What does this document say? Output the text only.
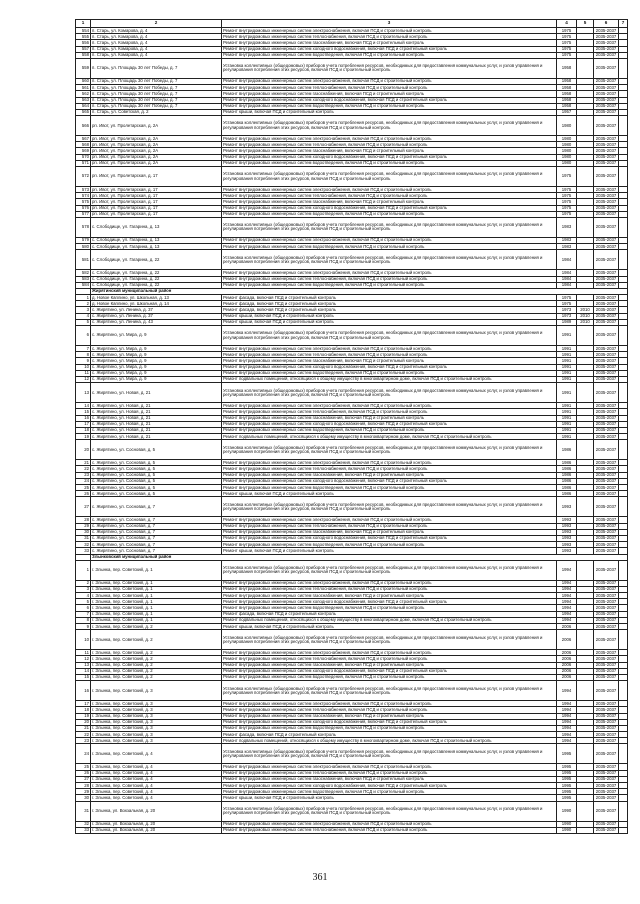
1	2	3	4	5	6	7
554	п. Старь, ул. Комарова, д. 4	Ремонт внутридомовых инженерных систем электроснабжения, включая ПСД и строительный контроль	1975		2035-2037	
555	п. Старь, ул. Комарова, д. 4	Ремонт внутридомовых инженерных систем теплоснабжения, включая ПСД и строительный контроль	1975		2035-2037	
556	п. Старь, ул. Комарова, д. 4	Ремонт внутридомовых инженерных систем газоснабжения, включая ПСД и строительный контроль	1975		2035-2037	
557	п. Старь, ул. Комарова, д. 4	Ремонт внутридомовых инженерных систем холодного водоснабжения, включая ПСД и строительный контроль	1975		2035-2037	
558	п. Старь, ул. Комарова, д. 4	Ремонт внутридомовых инженерных систем водоотведения, включая ПСД и строительный контроль	1975		2035-2037	
559	п. Старь, ул. Площадь 30 лет Победы, д. 7	Установка коллективных (общедомовых) приборов учета потребления ресурсов, необходимых для предоставления коммунальных услуг, и узлов управления и регулирования потребления этих ресурсов, включая ПСД и строительный контроль	1958		2035-2037	
560	п. Старь, ул. Площадь 30 лет Победы, д. 7	Ремонт внутридомовых инженерных систем электроснабжения, включая ПСД и строительный контроль	1958		2035-2037	
561	п. Старь, ул. Площадь 30 лет Победы, д. 7	Ремонт внутридомовых инженерных систем теплоснабжения, включая ПСД и строительный контроль	1958		2035-2037	
562	п. Старь, ул. Площадь 30 лет Победы, д. 7	Ремонт внутридомовых инженерных систем газоснабжения, включая ПСД и строительный контроль	1958		2035-2037	
563	п. Старь, ул. Площадь 30 лет Победы, д. 7	Ремонт внутридомовых инженерных систем холодного водоснабжения, включая ПСД и строительный контроль	1958		2035-2037	
564	п. Старь, ул. Площадь 30 лет Победы, д. 7	Ремонт внутридомовых инженерных систем водоотведения, включая ПСД и строительный контроль	1958		2035-2037	
565	п. Старь, ул. Советская, д. 2	Ремонт крыши, включая ПСД и строительный контроль	1957		2035-2037	
566	рп. Ивот, ул. Пролетарская, д. 2А	Установка коллективных (общедомовых) приборов учета потребления ресурсов, необходимых для предоставления коммунальных услуг, и узлов управления и регулирования потребления этих ресурсов, включая ПСД и строительный контроль	1980		2035-2037	
567	рп. Ивот, ул. Пролетарская, д. 2А	Ремонт внутридомовых инженерных систем электроснабжения, включая ПСД и строительный контроль	1980		2035-2037	
568	рп. Ивот, ул. Пролетарская, д. 2А	Ремонт внутридомовых инженерных систем теплоснабжения, включая ПСД и строительный контроль	1980		2035-2037	
569	рп. Ивот, ул. Пролетарская, д. 2А	Ремонт внутридомовых инженерных систем газоснабжения, включая ПСД и строительный контроль	1980		2035-2037	
570	рп. Ивот, ул. Пролетарская, д. 2А	Ремонт внутридомовых инженерных систем холодного водоснабжения, включая ПСД и строительный контроль	1980		2035-2037	
571	рп. Ивот, ул. Пролетарская, д. 2А	Ремонт внутридомовых инженерных систем водоотведения, включая ПСД и строительный контроль	1980		2035-2037	
572	рп. Ивот, ул. Пролетарская, д. 17	Установка коллективных (общедомовых) приборов учета потребления ресурсов, необходимых для предоставления коммунальных услуг, и узлов управления и регулирования потребления этих ресурсов, включая ПСД и строительный контроль	1975		2035-2037	
573	рп. Ивот, ул. Пролетарская, д. 17	Ремонт внутридомовых инженерных систем электроснабжения, включая ПСД и строительный контроль	1975		2035-2037	
574	рп. Ивот, ул. Пролетарская, д. 17	Ремонт внутридомовых инженерных систем теплоснабжения, включая ПСД и строительный контроль	1975		2035-2037	
575	рп. Ивот, ул. Пролетарская, д. 17	Ремонт внутридомовых инженерных систем газоснабжения, включая ПСД и строительный контроль	1975		2035-2037	
576	рп. Ивот, ул. Пролетарская, д. 17	Ремонт внутридомовых инженерных систем холодного водоснабжения, включая ПСД и строительный контроль	1975		2035-2037	
577	рп. Ивот, ул. Пролетарская, д. 17	Ремонт внутридомовых инженерных систем водоотведения, включая ПСД и строительный контроль	1975		2035-2037	
578	с. Слободище, ул. Гагарина, д. 13	Установка коллективных (общедомовых) приборов учета потребления ресурсов, необходимых для предоставления коммунальных услуг, и узлов управления и регулирования потребления этих ресурсов, включая ПСД и строительный контроль	1983		2035-2037	
579	с. Слободище, ул. Гагарина, д. 13	Ремонт внутридомовых инженерных систем электроснабжения, включая ПСД и строительный контроль	1983		2035-2037	
580	с. Слободище, ул. Гагарина, д. 13	Ремонт внутридомовых инженерных систем водоотведения, включая ПСД и строительный контроль	1983		2035-2037	
581	с. Слободище, ул. Гагарина, д. 22	Установка коллективных (общедомовых) приборов учета потребления ресурсов, необходимых для предоставления коммунальных услуг, и узлов управления и регулирования потребления этих ресурсов, включая ПСД и строительный контроль	1984		2035-2037	
582	с. Слободище, ул. Гагарина, д. 22	Ремонт внутридомовых инженерных систем электроснабжения, включая ПСД и строительный контроль	1984		2035-2037	
583	с. Слободище, ул. Гагарина, д. 22	Ремонт внутридомовых инженерных систем теплоснабжения, включая ПСД и строительный контроль	1984		2035-2037	
584	с. Слободище, ул. Гагарина, д. 22	Ремонт внутридомовых инженерных систем водоотведения, включая ПСД и строительный контроль	1984		2035-2037	
	Жирятинский муниципальный район					
1	д. Новое Каплино, ул. Школьная, д. 13	Ремонт фасада, включая ПСД и строительный контроль	1975		2035-2037	
2	д. Новое Каплино, ул. Школьная, д. 14	Ремонт фасада, включая ПСД и строительный контроль	1975		2035-2037	
3	с. Жирятино, ул. Ленина, д. 37	Ремонт фасада, включая ПСД и строительный контроль	1973	2010	2035-2037	
4	с. Жирятино, ул. Ленина, д. 37	Ремонт крыши, включая ПСД и строительный контроль	1973	2010	2035-2037	
5	с. Жирятино, ул. Ленина, д. 43	Ремонт крыши, включая ПСД и строительный контроль	1989	2010	2035-2037	
6	с. Жирятино, ул. Мира, д. 9	Установка коллективных (общедомовых) приборов учета потребления ресурсов, необходимых для предоставления коммунальных услуг, и узлов управления и регулирования потребления этих ресурсов, включая ПСД и строительный контроль	1991		2035-2037	
7	с. Жирятино, ул. Мира, д. 9	Ремонт внутридомовых инженерных систем электроснабжения, включая ПСД и строительный контроль	1991		2035-2037	
8	с. Жирятино, ул. Мира, д. 9	Ремонт внутридомовых инженерных систем теплоснабжения, включая ПСД и строительный контроль	1991		2035-2037	
9	с. Жирятино, ул. Мира, д. 9	Ремонт внутридомовых инженерных систем газоснабжения, включая ПСД и строительный контроль	1991		2035-2037	
10	с. Жирятино, ул. Мира, д. 9	Ремонт внутридомовых инженерных систем холодного водоснабжения, включая ПСД и строительный контроль	1991		2035-2037	
11	с. Жирятино, ул. Мира, д. 9	Ремонт внутридомовых инженерных систем водоотведения, включая ПСД и строительный контроль	1991		2035-2037	
12	с. Жирятино, ул. Мира, д. 9	Ремонт подвальных помещений, относящихся к общему имуществу в многоквартирном доме, включая ПСД и строительный контроль	1991		2035-2037	
13	с. Жирятино, ул. Новая, д. 21	Установка коллективных (общедомовых) приборов учета потребления ресурсов, необходимых для предоставления коммунальных услуг, и узлов управления и регулирования потребления этих ресурсов, включая ПСД и строительный контроль	1991		2035-2037	
14	с. Жирятино, ул. Новая, д. 21	Ремонт внутридомовых инженерных систем электроснабжения, включая ПСД и строительный контроль	1991		2035-2037	
15	с. Жирятино, ул. Новая, д. 21	Ремонт внутридомовых инженерных систем теплоснабжения, включая ПСД и строительный контроль	1991		2035-2037	
16	с. Жирятино, ул. Новая, д. 21	Ремонт внутридомовых инженерных систем газоснабжения, включая ПСД и строительный контроль	1991		2035-2037	
17	с. Жирятино, ул. Новая, д. 21	Ремонт внутридомовых инженерных систем холодного водоснабжения, включая ПСД и строительный контроль	1991		2035-2037	
18	с. Жирятино, ул. Новая, д. 21	Ремонт внутридомовых инженерных систем водоотведения, включая ПСД и строительный контроль	1991		2035-2037	
19	с. Жирятино, ул. Новая, д. 21	Ремонт подвальных помещений, относящихся к общему имуществу в многоквартирном доме, включая ПСД и строительный контроль	1991		2035-2037	
20	с. Жирятино, ул. Сосновая, д. 5	Установка коллективных (общедомовых) приборов учета потребления ресурсов, необходимых для предоставления коммунальных услуг, и узлов управления и регулирования потребления этих ресурсов, включая ПСД и строительный контроль	1986		2035-2037	
21	с. Жирятино, ул. Сосновая, д. 5	Ремонт внутридомовых инженерных систем электроснабжения, включая ПСД и строительный контроль	1986		2035-2037	
22	с. Жирятино, ул. Сосновая, д. 5	Ремонт внутридомовых инженерных систем теплоснабжения, включая ПСД и строительный контроль	1986		2035-2037	
23	с. Жирятино, ул. Сосновая, д. 5	Ремонт внутридомовых инженерных систем газоснабжения, включая ПСД и строительный контроль	1986		2035-2037	
24	с. Жирятино, ул. Сосновая, д. 5	Ремонт внутридомовых инженерных систем холодного водоснабжения, включая ПСД и строительный контроль	1986		2035-2037	
25	с. Жирятино, ул. Сосновая, д. 5	Ремонт внутридомовых инженерных систем водоотведения, включая ПСД и строительный контроль	1986		2035-2037	
26	с. Жирятино, ул. Сосновая, д. 5	Ремонт крыши, включая ПСД и строительный контроль	1986		2035-2037	
27	с. Жирятино, ул. Сосновая, д. 7	Установка коллективных (общедомовых) приборов учета потребления ресурсов, необходимых для предоставления коммунальных услуг, и узлов управления и регулирования потребления этих ресурсов, включая ПСД и строительный контроль	1993		2035-2037	
28	с. Жирятино, ул. Сосновая, д. 7	Ремонт внутридомовых инженерных систем электроснабжения, включая ПСД и строительный контроль	1993		2035-2037	
29	с. Жирятино, ул. Сосновая, д. 7	Ремонт внутридомовых инженерных систем теплоснабжения, включая ПСД и строительный контроль	1993		2035-2037	
30	с. Жирятино, ул. Сосновая, д. 7	Ремонт внутридомовых инженерных систем газоснабжения, включая ПСД и строительный контроль	1993		2035-2037	
31	с. Жирятино, ул. Сосновая, д. 7	Ремонт внутридомовых инженерных систем холодного водоснабжения, включая ПСД и строительный контроль	1993		2035-2037	
32	с. Жирятино, ул. Сосновая, д. 7	Ремонт внутридомовых инженерных систем водоотведения, включая ПСД и строительный контроль	1993		2035-2037	
33	с. Жирятино, ул. Сосновая, д. 7	Ремонт крыши, включая ПСД и строительный контроль	1993		2035-2037	
	Злынковский муниципальный район					
1	г. Злынка, пер. Советский, д. 1	Установка коллективных (общедомовых) приборов учета потребления ресурсов, необходимых для предоставления коммунальных услуг, и узлов управления и регулирования потребления этих ресурсов, включая ПСД и строительный контроль	1994		2035-2037	
2	г. Злынка, пер. Советский, д. 1	Ремонт внутридомовых инженерных систем электроснабжения, включая ПСД и строительный контроль	1994		2035-2037	
3	г. Злынка, пер. Советский, д. 1	Ремонт внутридомовых инженерных систем теплоснабжения, включая ПСД и строительный контроль	1994		2035-2037	
4	г. Злынка, пер. Советский, д. 1	Ремонт внутридомовых инженерных систем газоснабжения, включая ПСД и строительный контроль	1994		2035-2037	
5	г. Злынка, пер. Советский, д. 1	Ремонт внутридомовых инженерных систем холодного водоснабжения, включая ПСД и строительный контроль	1994		2035-2037	
6	г. Злынка, пер. Советский, д. 1	Ремонт внутридомовых инженерных систем водоотведения, включая ПСД и строительный контроль	1994		2035-2037	
7	г. Злынка, пер. Советский, д. 1	Ремонт фасада, включая ПСД и строительный контроль	1994		2035-2037	
8	г. Злынка, пер. Советский, д. 1	Ремонт подвальных помещений, относящихся к общему имуществу в многоквартирном доме, включая ПСД и строительный контроль	1994		2035-2037	
9	г. Злынка, пер. Советский, д. 2	Ремонт крыши, включая ПСД и строительный контроль	2006		2035-2037	
10	г. Злынка, пер. Советский, д. 2	Установка коллективных (общедомовых) приборов учета потребления ресурсов, необходимых для предоставления коммунальных услуг, и узлов управления и регулирования потребления этих ресурсов, включая ПСД и строительный контроль	2006		2035-2037	
11	г. Злынка, пер. Советский, д. 2	Ремонт внутридомовых инженерных систем электроснабжения, включая ПСД и строительный контроль	2006		2035-2037	
12	г. Злынка, пер. Советский, д. 2	Ремонт внутридомовых инженерных систем теплоснабжения, включая ПСД и строительный контроль	2006		2035-2037	
13	г. Злынка, пер. Советский, д. 2	Ремонт внутридомовых инженерных систем газоснабжения, включая ПСД и строительный контроль	2006		2035-2037	
14	г. Злынка, пер. Советский, д. 2	Ремонт внутридомовых инженерных систем холодного водоснабжения, включая ПСД и строительный контроль	2006		2035-2037	
15	г. Злынка, пер. Советский, д. 2	Ремонт внутридомовых инженерных систем водоотведения, включая ПСД и строительный контроль	2006		2035-2037	
16	г. Злынка, пер. Советский, д. 3	Установка коллективных (общедомовых) приборов учета потребления ресурсов, необходимых для предоставления коммунальных услуг, и узлов управления и регулирования потребления этих ресурсов, включая ПСД и строительный контроль	1994		2035-2037	
17	г. Злынка, пер. Советский, д. 3	Ремонт внутридомовых инженерных систем электроснабжения, включая ПСД и строительный контроль	1994		2035-2037	
18	г. Злынка, пер. Советский, д. 3	Ремонт внутридомовых инженерных систем теплоснабжения, включая ПСД и строительный контроль	1994		2035-2037	
19	г. Злынка, пер. Советский, д. 3	Ремонт внутридомовых инженерных систем газоснабжения, включая ПСД и строительный контроль	1994		2035-2037	
20	г. Злынка, пер. Советский, д. 3	Ремонт внутридомовых инженерных систем холодного водоснабжения, включая ПСД и строительный контроль	1994		2035-2037	
21	г. Злынка, пер. Советский, д. 3	Ремонт внутридомовых инженерных систем водоотведения, включая ПСД и строительный контроль	1994		2035-2037	
22	г. Злынка, пер. Советский, д. 3	Ремонт фасада, включая ПСД и строительный контроль	1994		2035-2037	
23	г. Злынка, пер. Советский, д. 3	Ремонт подвальных помещений, относящихся к общему имуществу в многоквартирном доме, включая ПСД и строительный контроль	1994		2035-2037	
24	г. Злынка, пер. Советский, д. 4	Установка коллективных (общедомовых) приборов учета потребления ресурсов, необходимых для предоставления коммунальных услуг, и узлов управления и регулирования потребления этих ресурсов, включая ПСД и строительный контроль	1995		2035-2037	
25	г. Злынка, пер. Советский, д. 4	Ремонт внутридомовых инженерных систем электроснабжения, включая ПСД и строительный контроль	1995		2035-2037	
26	г. Злынка, пер. Советский, д. 4	Ремонт внутридомовых инженерных систем теплоснабжения, включая ПСД и строительный контроль	1995		2035-2037	
27	г. Злынка, пер. Советский, д. 4	Ремонт внутридомовых инженерных систем газоснабжения, включая ПСД и строительный контроль	1995		2035-2037	
28	г. Злынка, пер. Советский, д. 4	Ремонт внутридомовых инженерных систем холодного водоснабжения, включая ПСД и строительный контроль	1995		2035-2037	
29	г. Злынка, пер. Советский, д. 4	Ремонт внутридомовых инженерных систем водоотведения, включая ПСД и строительный контроль	1995		2035-2037	
30	г. Злынка, пер. Советский, д. 4	Ремонт крыши, включая ПСД и строительный контроль	1995		2035-2037	
31	г. Злынка, ул. Вокзальная, д. 20	Установка коллективных (общедомовых) приборов учета потребления ресурсов, необходимых для предоставления коммунальных услуг, и узлов управления и регулирования потребления этих ресурсов, включая ПСД и строительный контроль	1990		2035-2037	
32	г. Злынка, ул. Вокзальная, д. 20	Ремонт внутридомовых инженерных систем электроснабжения, включая ПСД и строительный контроль	1990		2035-2037	
33	г. Злынка, ул. Вокзальная, д. 20	Ремонт внутридомовых инженерных систем теплоснабжения, включая ПСД и строительный контроль	1990		2035-2037	
361
